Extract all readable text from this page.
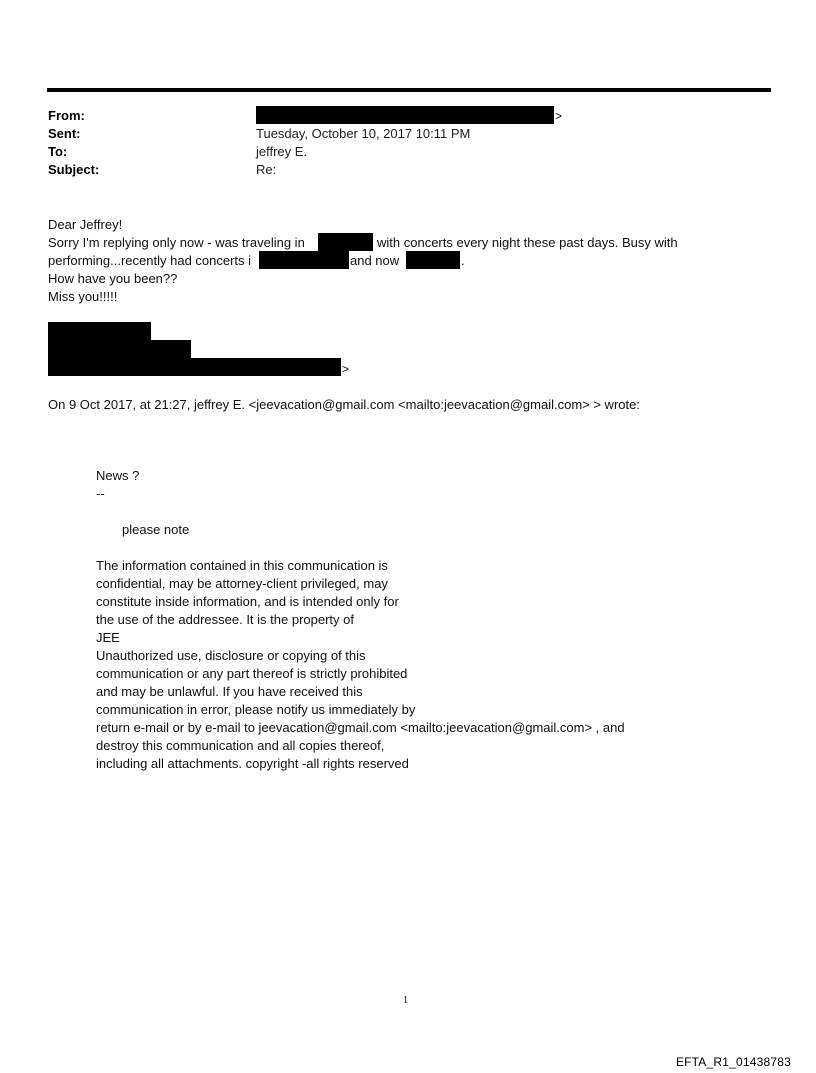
From:	>
Sent:	Tuesday, October 10, 2017 10:11 PM
To:	jeffrey E.
Subject:	Re:
Dear Jeffrey!
Sorry I'm replying only now - was traveling in	with concerts every night these past days. Busy with
performing...recently had concerts i	and now	.
How have you been??
Miss you!!!!!
>
On 9 Oct 2017, at 21:27, jeffrey E. <jeevacation@gmail.com <mailto:jeevacation@gmail.com> > wrote:
News ?
--
please note
The information contained in this communication is
confidential, may be attorney-client privileged, may
constitute inside information, and is intended only for
the use of the addressee. It is the property of
JEE
Unauthorized use, disclosure or copying of this
communication or any part thereof is strictly prohibited
and may be unlawful. If you have received this
communication in error, please notify us immediately by
return e-mail or by e-mail to jeevacation@gmail.com <mailto:jeevacation@gmail.com> , and
destroy this communication and all copies thereof,
including all attachments. copyright -all rights reserved
1
EFTA_R1_01438783
